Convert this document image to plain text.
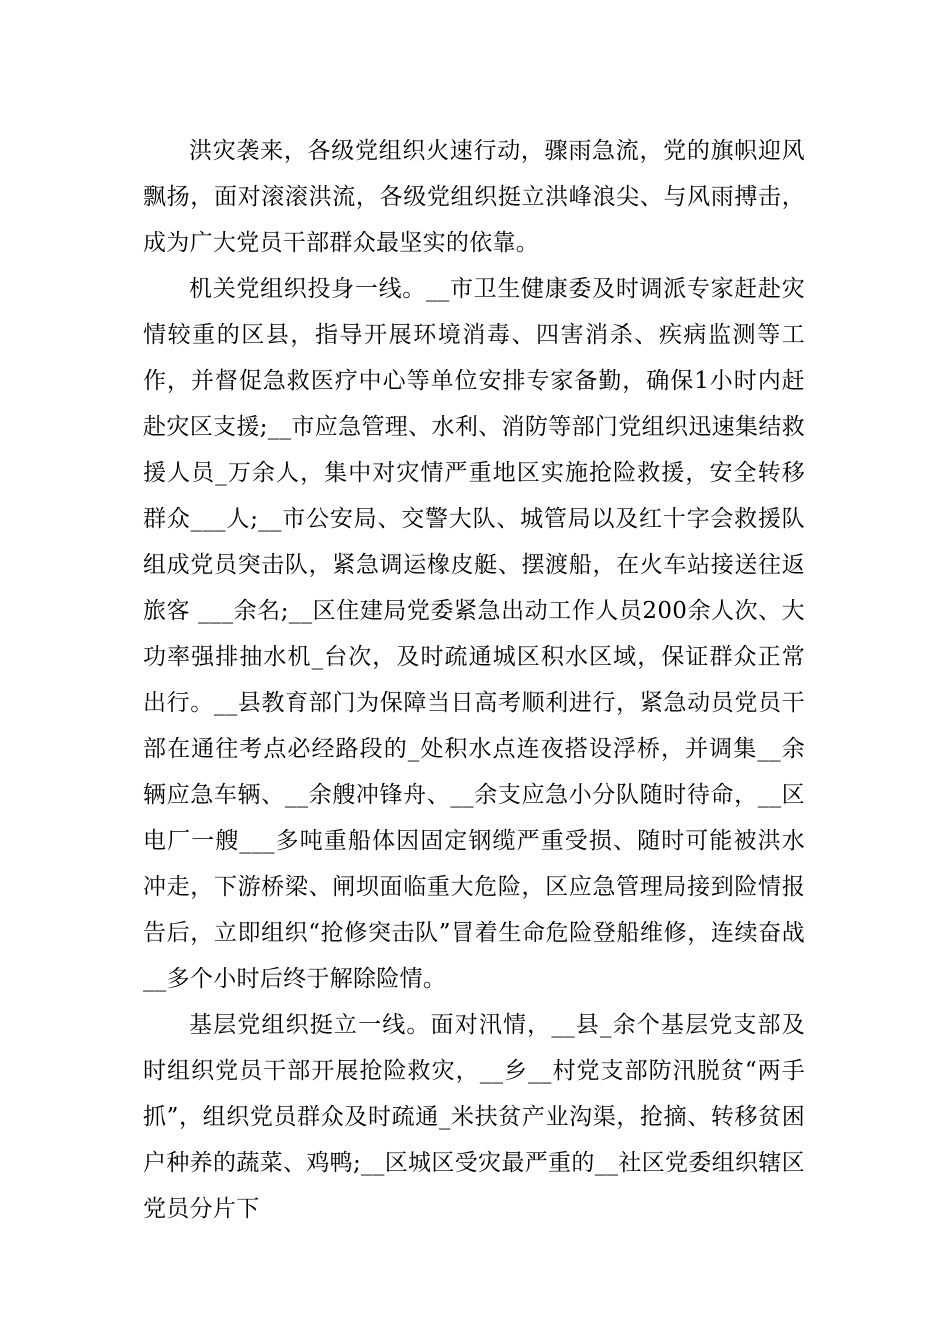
洪灾袭来，各级党组织火速行动，骤雨急流，党的旗帜迎风飘扬，面对滚滚洪流，各级党组织挺立洪峰浪尖、与风雨搏击，成为广大党员干部群众最坚实的依靠。

机关党组织投身一线。__市卫生健康委及时调派专家赶赴灾情较重的区县，指导开展环境消毒、四害消杀、疾病监测等工作，并督促急救医疗中心等单位安排专家备勤，确保1小时内赶赴灾区支援;__市应急管理、水利、消防等部门党组织迅速集结救援人员_万余人，集中对灾情严重地区实施抢险救援，安全转移群众___人;__市公安局、交警大队、城管局以及红十字会救援队组成党员突击队，紧急调运橡皮艇、摆渡船，在火车站接送往返旅客 ___余名;__区住建局党委紧急出动工作人员200余人次、大功率强排抽水机_台次，及时疏通城区积水区域，保证群众正常出行。__县教育部门为保障当日高考顺利进行，紧急动员党员干部在通往考点必经路段的_处积水点连夜搭设浮桥，并调集__余辆应急车辆、__余艘冲锋舟、__余支应急小分队随时待命，__区电厂一艘___多吨重船体因固定钢缆严重受损、随时可能被洪水冲走，下游桥梁、闸坝面临重大危险，区应急管理局接到险情报告后，立即组织“抢修突击队”冒着生命危险登船维修，连续奋战__多个小时后终于解除险情。

基层党组织挺立一线。面对汛情，__县_余个基层党支部及时组织党员干部开展抢险救灾，__乡__村党支部防汛脱贫“两手抓”，组织党员群众及时疏通_米扶贫产业沟渠，抢摘、转移贫困户种养的蔬菜、鸡鸭;__区城区受灾最严重的__社区党委组织辖区党员分片下
